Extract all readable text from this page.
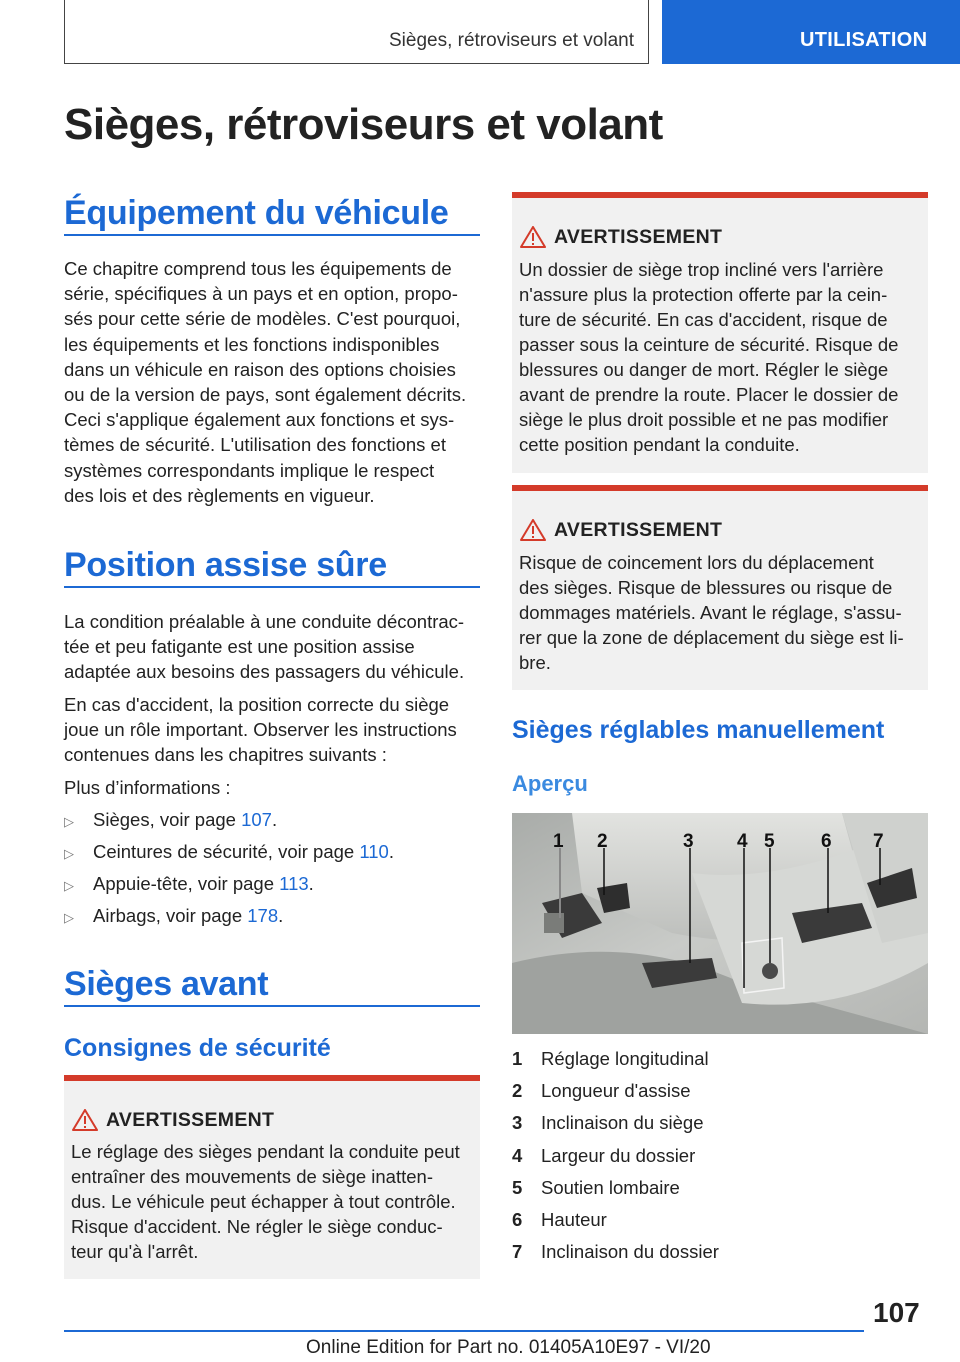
Sièges, rétroviseurs et volant	UTILISATION
Sièges, rétroviseurs et volant
Équipement du véhicule
Ce chapitre comprend tous les équipements de
série, spécifiques à un pays et en option, propo-
sés pour cette série de modèles. C'est pourquoi,
les équipements et les fonctions indisponibles
dans un véhicule en raison des options choisies
ou de la version de pays, sont également décrits.
Ceci s'applique également aux fonctions et sys-
tèmes de sécurité. L'utilisation des fonctions et
systèmes correspondants implique le respect
des lois et des règlements en vigueur.
Position assise sûre
La condition préalable à une conduite décontrac-
tée et peu fatigante est une position assise
adaptée aux besoins des passagers du véhicule.
En cas d'accident, la position correcte du siège
joue un rôle important. Observer les instructions
contenues dans les chapitres suivants :
Plus d’informations :
▷ Sièges, voir page 107.
▷ Ceintures de sécurité, voir page 110.
▷ Appuie-tête, voir page 113.
▷ Airbags, voir page 178.
Sièges avant
Consignes de sécurité
AVERTISSEMENT
Le réglage des sièges pendant la conduite peut
entraîner des mouvements de siège inatten-
dus. Le véhicule peut échapper à tout contrôle.
Risque d'accident. Ne régler le siège conduc-
teur qu'à l'arrêt.
AVERTISSEMENT
Un dossier de siège trop incliné vers l'arrière
n'assure plus la protection offerte par la cein-
ture de sécurité. En cas d'accident, risque de
passer sous la ceinture de sécurité. Risque de
blessures ou danger de mort. Régler le siège
avant de prendre la route. Placer le dossier de
siège le plus droit possible et ne pas modifier
cette position pendant la conduite.
AVERTISSEMENT
Risque de coincement lors du déplacement
des sièges. Risque de blessures ou risque de
dommages matériels. Avant le réglage, s'assu-
rer que la zone de déplacement du siège est li-
bre.
Sièges réglables manuellement
Aperçu
1 2	3 4 5 6 7
1	Réglage longitudinal
2	Longueur d'assise
3	Inclinaison du siège
4	Largeur du dossier
5	Soutien lombaire
6	Hauteur
7	Inclinaison du dossier
107
Online Edition for Part no. 01405A10E97 - VI/20
